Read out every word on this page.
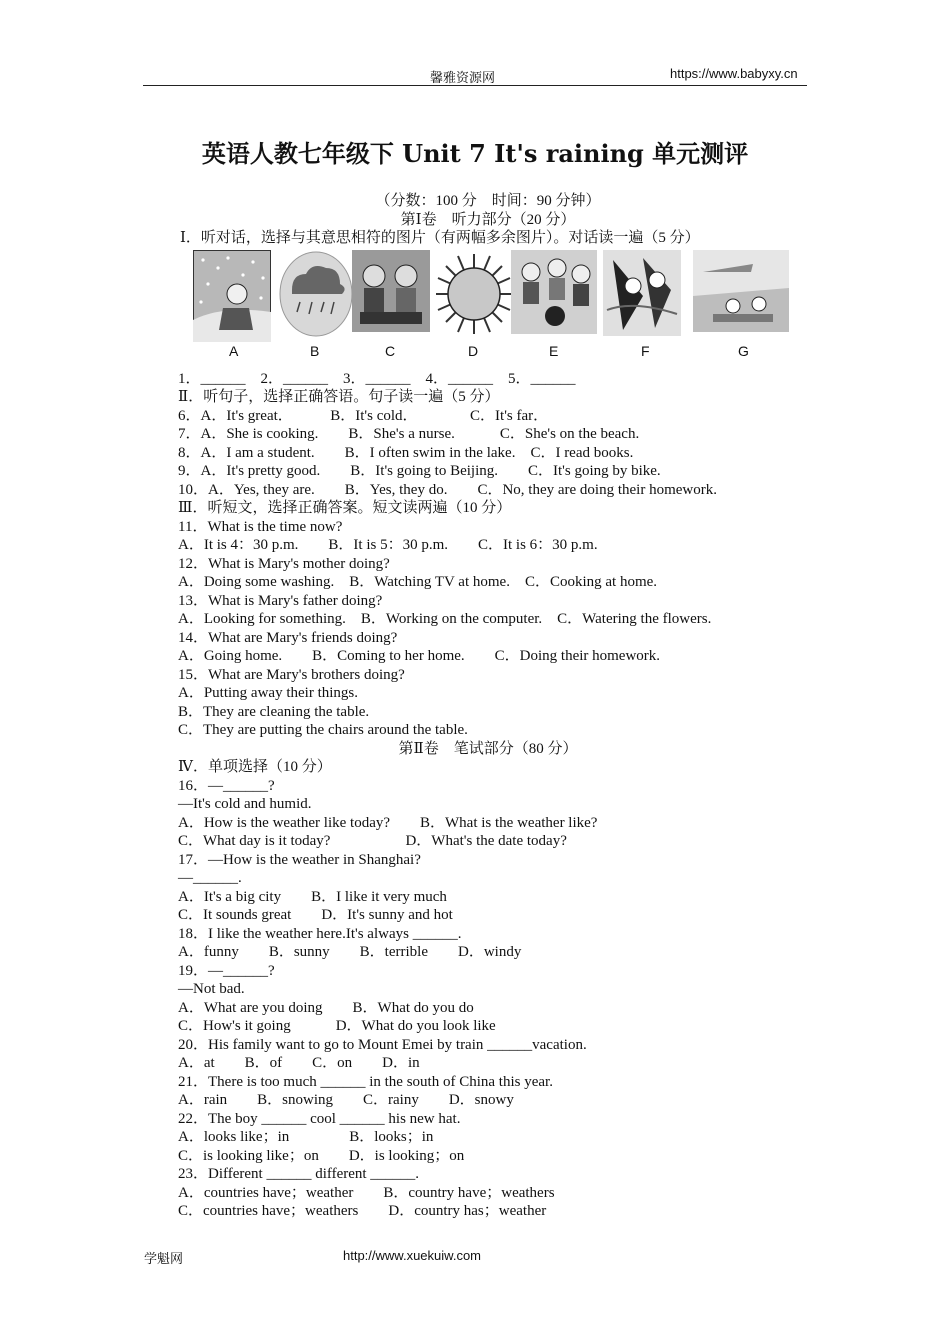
馨雅资源网	https://www.babyxy.cn
英语人教七年级下 Unit 7 It's raining 单元测评
（分数：100 分　时间：90 分钟）
第Ⅰ卷　听力部分（20 分）
Ⅰ．听对话，选择与其意思相符的图片（有两幅多余图片）。对话读一遍（5 分）
A	B	C	D	E	F	G
1．______　2．______　3．______　4．______　5．______
Ⅱ．听句子，选择正确答语。句子读一遍（5 分）
6．A．It's great．　　　B．It's cold．　　　　C．It's far．
7．A．She is cooking.　　B．She's a nurse.　　　C．She's on the beach.
8．A．I am a student.　　B．I often swim in the lake.　C．I read books.
9．A．It's pretty good.　　B．It's going to Beijing.　　C．It's going by bike.
10．A．Yes, they are.　　B．Yes, they do.　　C．No, they are doing their homework.
Ⅲ．听短文，选择正确答案。短文读两遍（10 分）
11．What is the time now?
A．It is 4：30 p.m.　　B．It is 5：30 p.m.　　C．It is 6：30 p.m.
12．What is Mary's mother doing?
A．Doing some washing.　B．Watching TV at home.　C．Cooking at home.
13．What is Mary's father doing?
A．Looking for something.　B．Working on the computer.　C．Watering the flowers.
14．What are Mary's friends doing?
A．Going home.　　B．Coming to her home.　　C．Doing their homework.
15．What are Mary's brothers doing?
A．Putting away their things.
B．They are cleaning the table.
C．They are putting the chairs around the table.
第Ⅱ卷　笔试部分（80 分）
Ⅳ．单项选择（10 分）
16．—______?
—It's cold and humid.
A．How is the weather like today?　　B．What is the weather like?
C．What day is it today?　　　　　D．What's the date today?
17．—How is the weather in Shanghai?
—______.
A．It's a big city　　B．I like it very much
C．It sounds great　　D．It's sunny and hot
18．I like the weather here.It's always ______.
A．funny　　B．sunny　　B．terrible　　D．windy
19．—______?
—Not bad.
A．What are you doing　　B．What do you do
C．How's it going　　　D．What do you look like
20．His family want to go to Mount Emei by train ______vacation.
A．at　　B．of　　C．on　　D．in
21．There is too much ______ in the south of China this year.
A．rain　　B．snowing　　C．rainy　　D．snowy
22．The boy ______ cool ______ his new hat.
A．looks like；in　　　　B．looks；in
C．is looking like；on　　D．is looking；on
23．Different ______ different ______.
A．countries have；weather　　B．country have；weathers
C．countries have；weathers　　D．country has；weather
学魁网	http://www.xuekuiw.com
